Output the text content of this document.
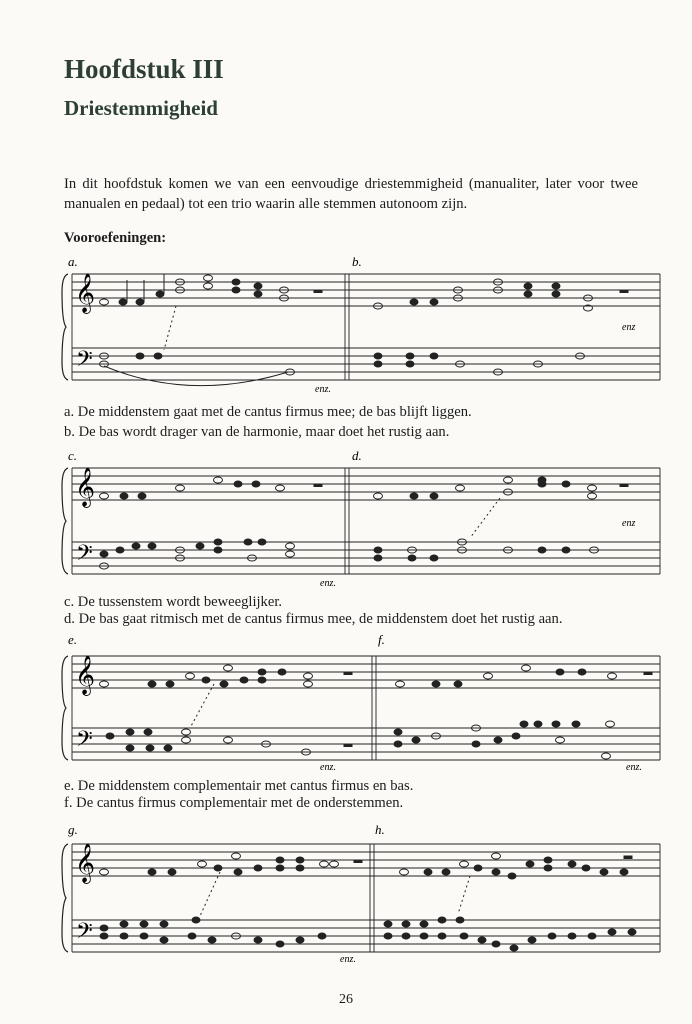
Hoofdstuk III
Driestemmigheid
In dit hoofdstuk komen we van een eenvoudige driestemmigheid (manualiter, later voor twee manualen en pedaal) tot een trio waarin alle stemmen autonoom zijn.
Vooroefeningen:
a.	b.
𝄞
𝄢
enz.
enz
a. De middenstem gaat met de cantus firmus mee; de bas blijft liggen.
b. De bas wordt drager van de harmonie, maar doet het rustig aan.
c.	d.
𝄞
𝄢
enz.
enz
c. De tussenstem wordt beweeglijker.
d. De bas gaat ritmisch met de cantus firmus mee, de middenstem doet het rustig aan.
e.	f.
𝄞
𝄢
enz.	enz.
e. De middenstem complementair met cantus firmus en bas.
f. De cantus firmus complementair met de onderstemmen.
g.	h.
𝄞
𝄢
enz.
26
